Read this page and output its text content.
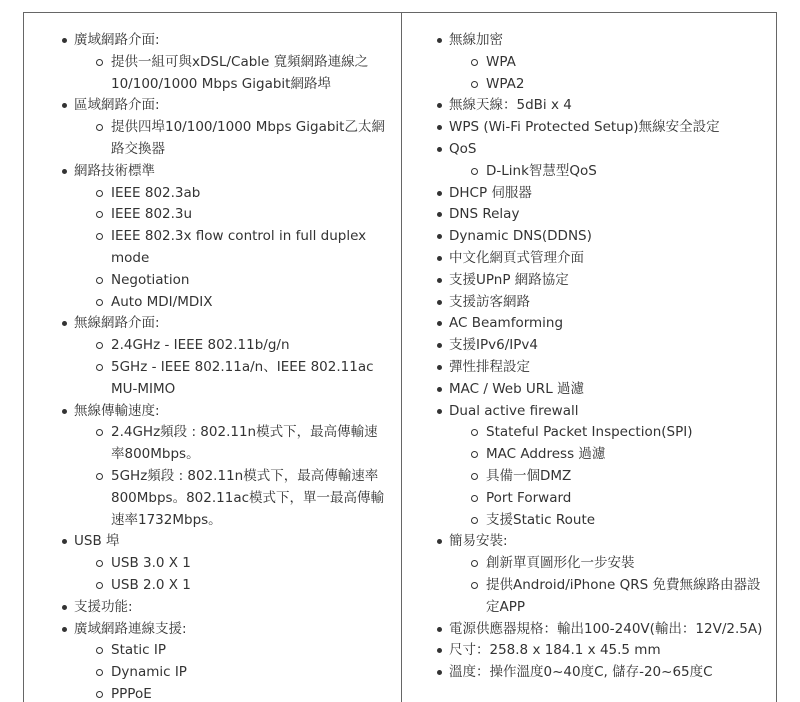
廣域網路介面:
提供一組可與xDSL/Cable 寬頻網路連線之10/100/1000 Mbps Gigabit網路埠
區域網路介面:
提供四埠10/100/1000 Mbps Gigabit乙太網路交換器
網路技術標準
IEEE 802.3ab
IEEE 802.3u
IEEE 802.3x flow control in full duplex mode
Negotiation
Auto MDI/MDIX
無線網路介面:
2.4GHz - IEEE 802.11b/g/n
5GHz - IEEE 802.11a/n、IEEE 802.11ac MU-MIMO
無線傳輸速度:
2.4GHz頻段 : 802.11n模式下，最高傳輸速率800Mbps。
5GHz頻段 : 802.11n模式下，最高傳輸速率800Mbps。802.11ac模式下，單一最高傳輸速率1732Mbps。
USB 埠
USB 3.0 X 1
USB 2.0 X 1
支援功能:
廣域網路連線支援:
Static IP
Dynamic IP
PPPoE
無線加密
WPA
WPA2
無線天線：5dBi x 4
WPS (Wi-Fi Protected Setup)無線安全設定
QoS
D-Link智慧型QoS
DHCP 伺服器
DNS Relay
Dynamic DNS(DDNS)
中文化網頁式管理介面
支援UPnP 網路協定
支援訪客網路
AC Beamforming
支援IPv6/IPv4
彈性排程設定
MAC / Web URL 過濾
Dual active firewall
Stateful Packet Inspection(SPI)
MAC Address 過濾
具備一個DMZ
Port Forward
支援Static Route
簡易安裝:
創新單頁圖形化一步安裝
提供Android/iPhone QRS 免費無線路由器設定APP
電源供應器規格：輸出100-240V(輸出：12V/2.5A)
尺寸：258.8 x 184.1 x 45.5 mm
溫度：操作溫度0~40度C, 儲存-20~65度C
